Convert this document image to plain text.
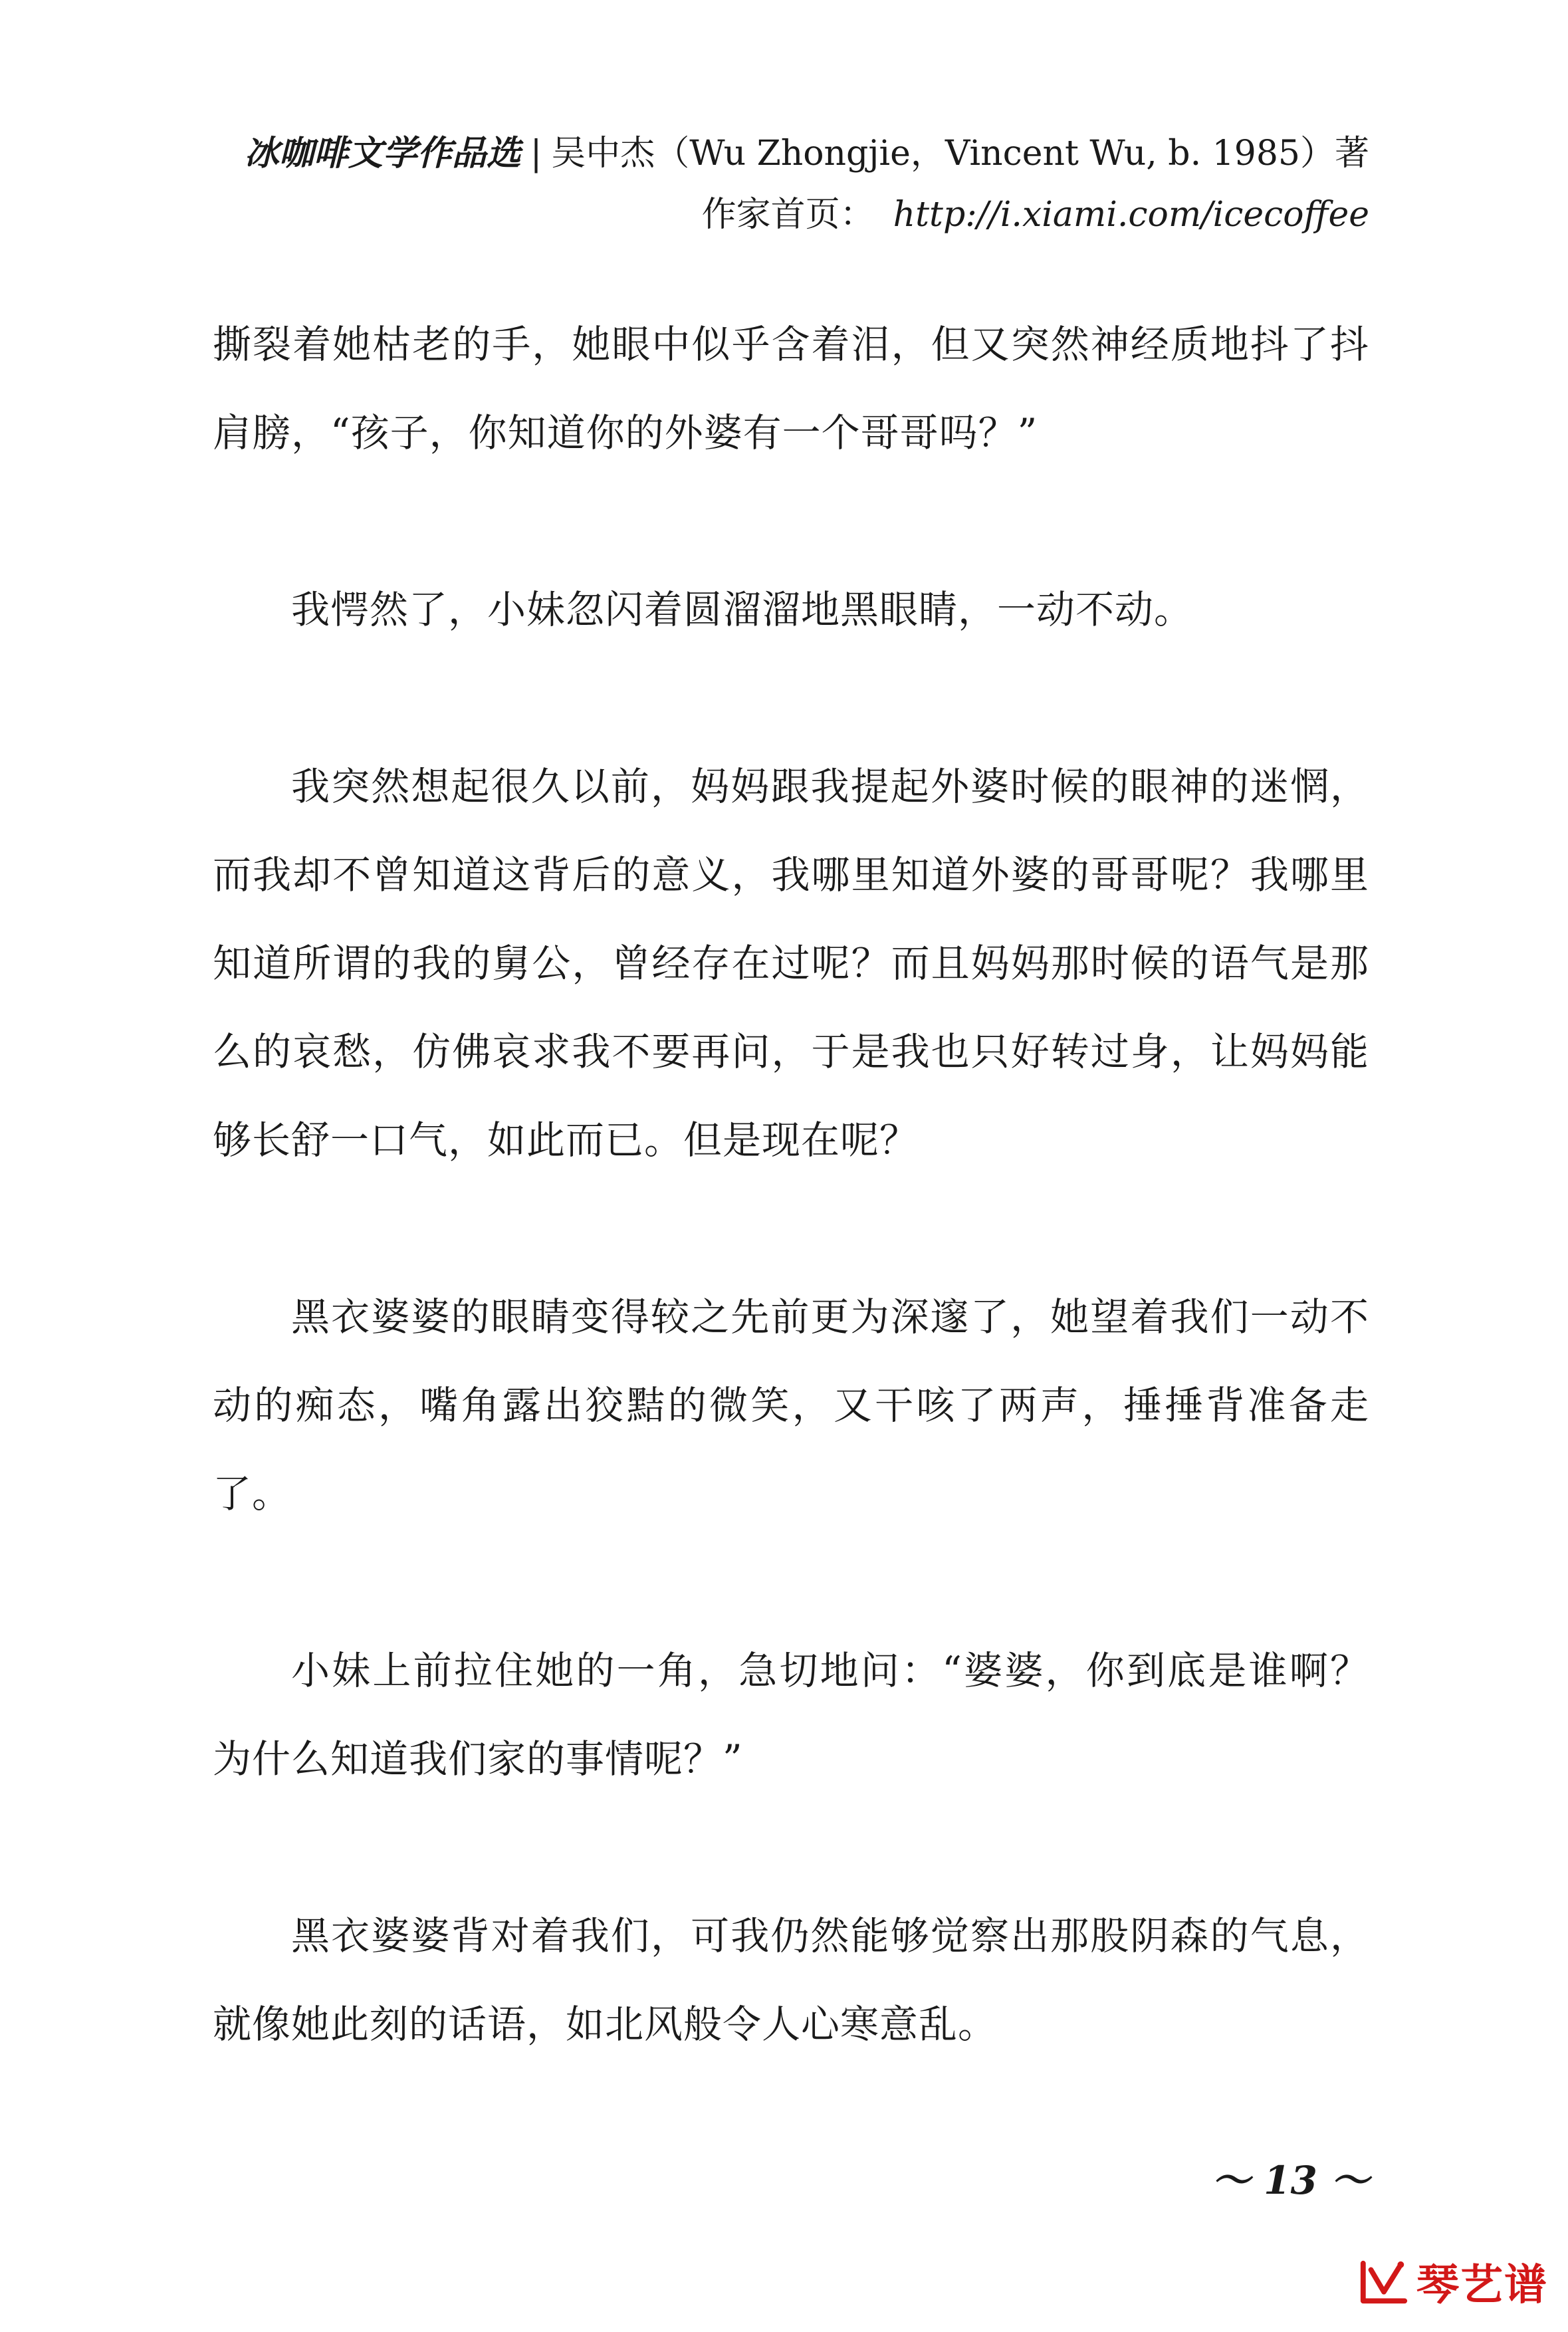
冰咖啡文学作品选 | 吴中杰（Wu Zhongjie，Vincent Wu, b. 1985）著
作家首页： http://i.xiami.com/icecoffee

撕裂着她枯老的手，她眼中似乎含着泪，但又突然神经质地抖了抖肩膀，“孩子，你知道你的外婆有一个哥哥吗？”

我愕然了，小妹忽闪着圆溜溜地黑眼睛，一动不动。

我突然想起很久以前，妈妈跟我提起外婆时候的眼神的迷惘，而我却不曾知道这背后的意义，我哪里知道外婆的哥哥呢？我哪里知道所谓的我的舅公，曾经存在过呢？而且妈妈那时候的语气是那么的哀愁，仿佛哀求我不要再问，于是我也只好转过身，让妈妈能够长舒一口气，如此而已。但是现在呢？

黑衣婆婆的眼睛变得较之先前更为深邃了，她望着我们一动不动的痴态，嘴角露出狡黠的微笑，又干咳了两声，捶捶背准备走了。

小妹上前拉住她的一角，急切地问：“婆婆，你到底是谁啊？为什么知道我们家的事情呢？”

黑衣婆婆背对着我们，可我仍然能够觉察出那股阴森的气息，就像她此刻的话语，如北风般令人心寒意乱。

～ 13 ～
琴艺谱
